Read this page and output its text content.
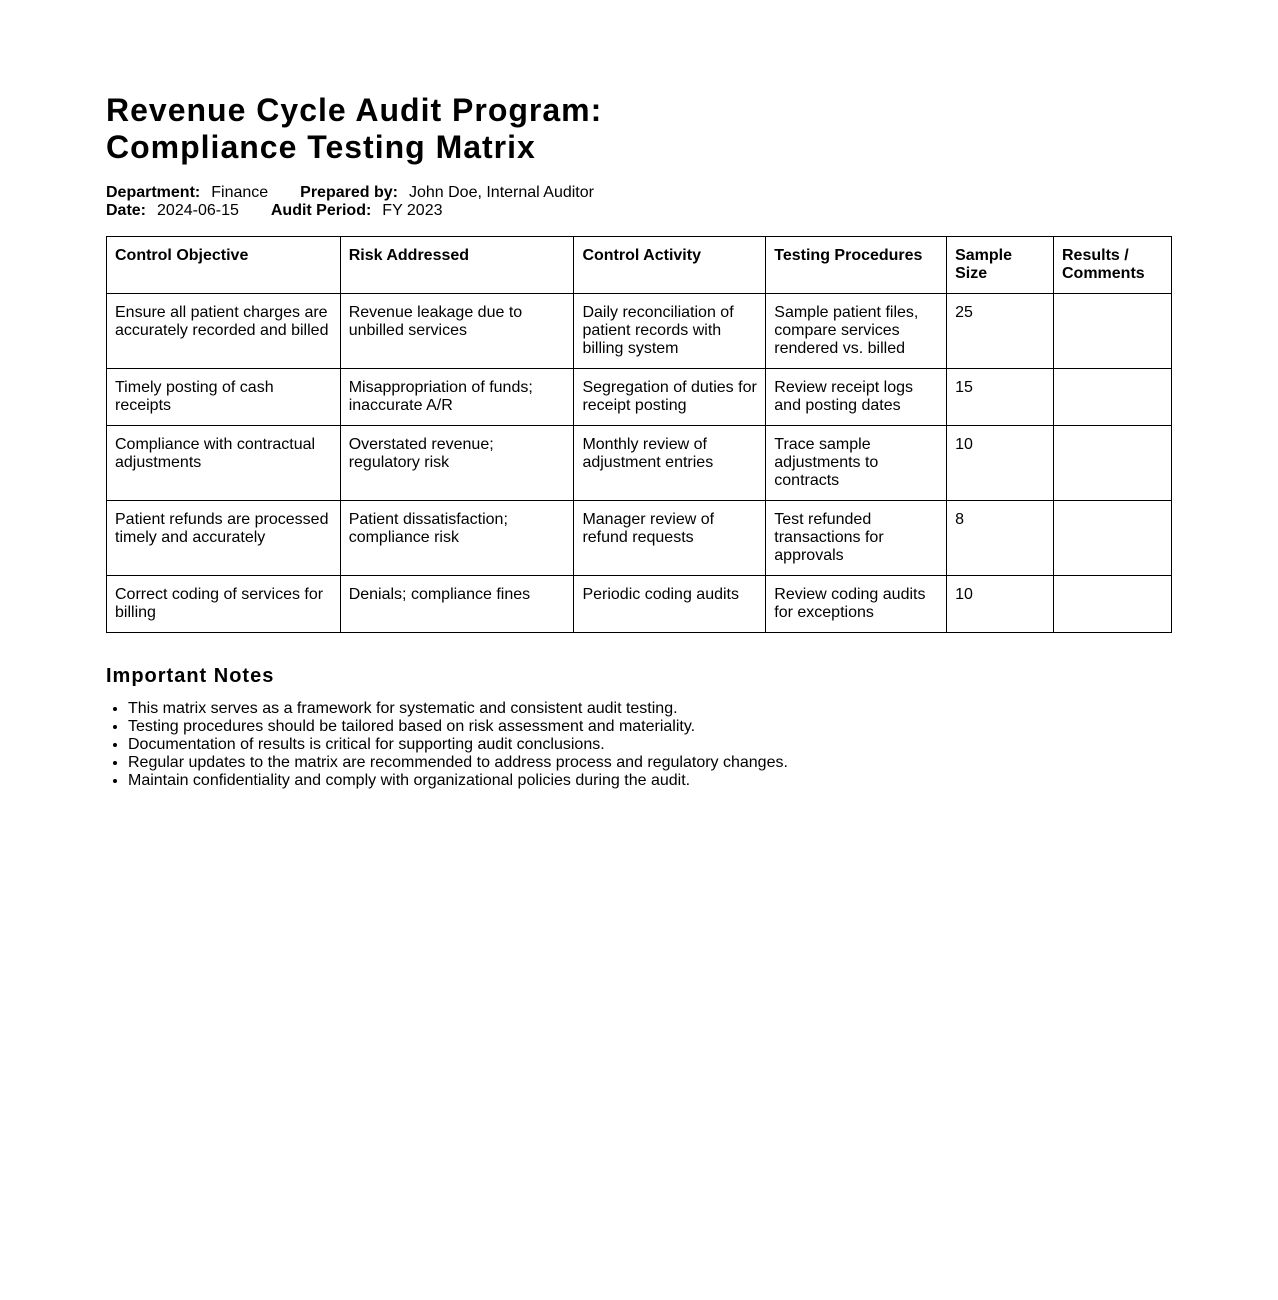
Revenue Cycle Audit Program:
Compliance Testing Matrix
Department: Finance Prepared by: John Doe, Internal Auditor
Date: 2024-06-15 Audit Period: FY 2023
Control Objective	Risk Addressed	Control Activity	Testing Procedures	Sample Size	Results / Comments
Ensure all patient charges are accurately recorded and billed	Revenue leakage due to unbilled services	Daily reconciliation of patient records with billing system	Sample patient files, compare services rendered vs. billed	25	
Timely posting of cash receipts	Misappropriation of funds; inaccurate A/R	Segregation of duties for receipt posting	Review receipt logs and posting dates	15	
Compliance with contractual adjustments	Overstated revenue; regulatory risk	Monthly review of adjustment entries	Trace sample adjustments to contracts	10	
Patient refunds are processed timely and accurately	Patient dissatisfaction; compliance risk	Manager review of refund requests	Test refunded transactions for approvals	8	
Correct coding of services for billing	Denials; compliance fines	Periodic coding audits	Review coding audits for exceptions	10	
Important Notes
• This matrix serves as a framework for systematic and consistent audit testing.
• Testing procedures should be tailored based on risk assessment and materiality.
• Documentation of results is critical for supporting audit conclusions.
• Regular updates to the matrix are recommended to address process and regulatory changes.
• Maintain confidentiality and comply with organizational policies during the audit.
